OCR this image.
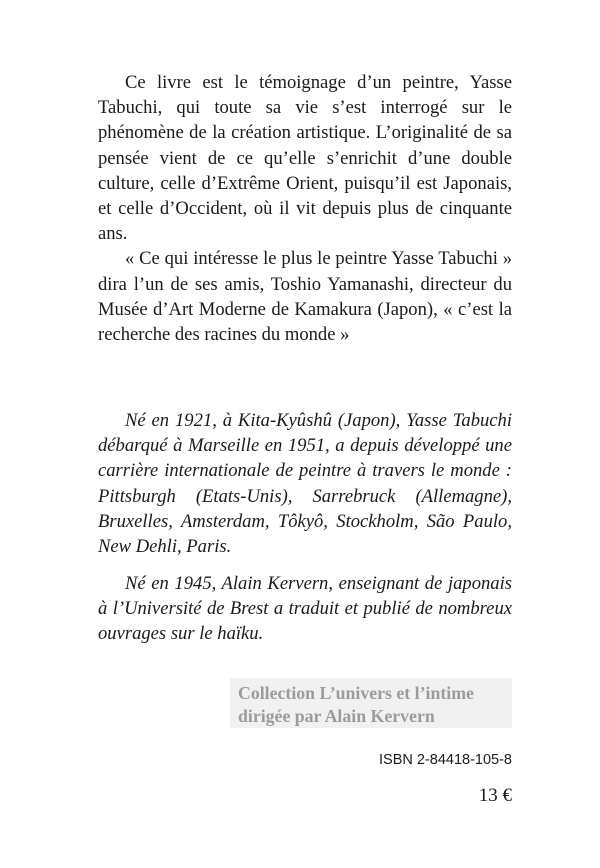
Ce livre est le témoignage d’un peintre, Yasse Tabuchi, qui toute sa vie s’est interrogé sur le phénomène de la création artistique. L’originalité de sa pensée vient de ce qu’elle s’enrichit d’une double culture, celle d’Extrême Orient, puisqu’il est Japonais, et celle d’Occident, où il vit depuis plus de cinquante ans.

« Ce qui intéresse le plus le peintre Yasse Tabuchi » dira l’un de ses amis, Toshio Yamanashi, directeur du Musée d’Art Moderne de Kamakura (Japon), « c’est la recherche des racines du monde »

Né en 1921, à Kita-Kyûshû (Japon), Yasse Tabuchi débarqué à Marseille en 1951, a depuis développé une carrière internationale de peintre à travers le monde : Pittsburgh (Etats-Unis), Sarrebruck (Allemagne), Bruxelles, Amsterdam, Tôkyô, Stockholm, São Paulo, New Dehli, Paris.

Né en 1945, Alain Kervern, enseignant de japonais à l’Université de Brest a traduit et publié de nombreux ouvrages sur le haïku.

Collection L’univers et l’intime
dirigée par Alain Kervern
ISBN 2-84418-105-8
13 €
